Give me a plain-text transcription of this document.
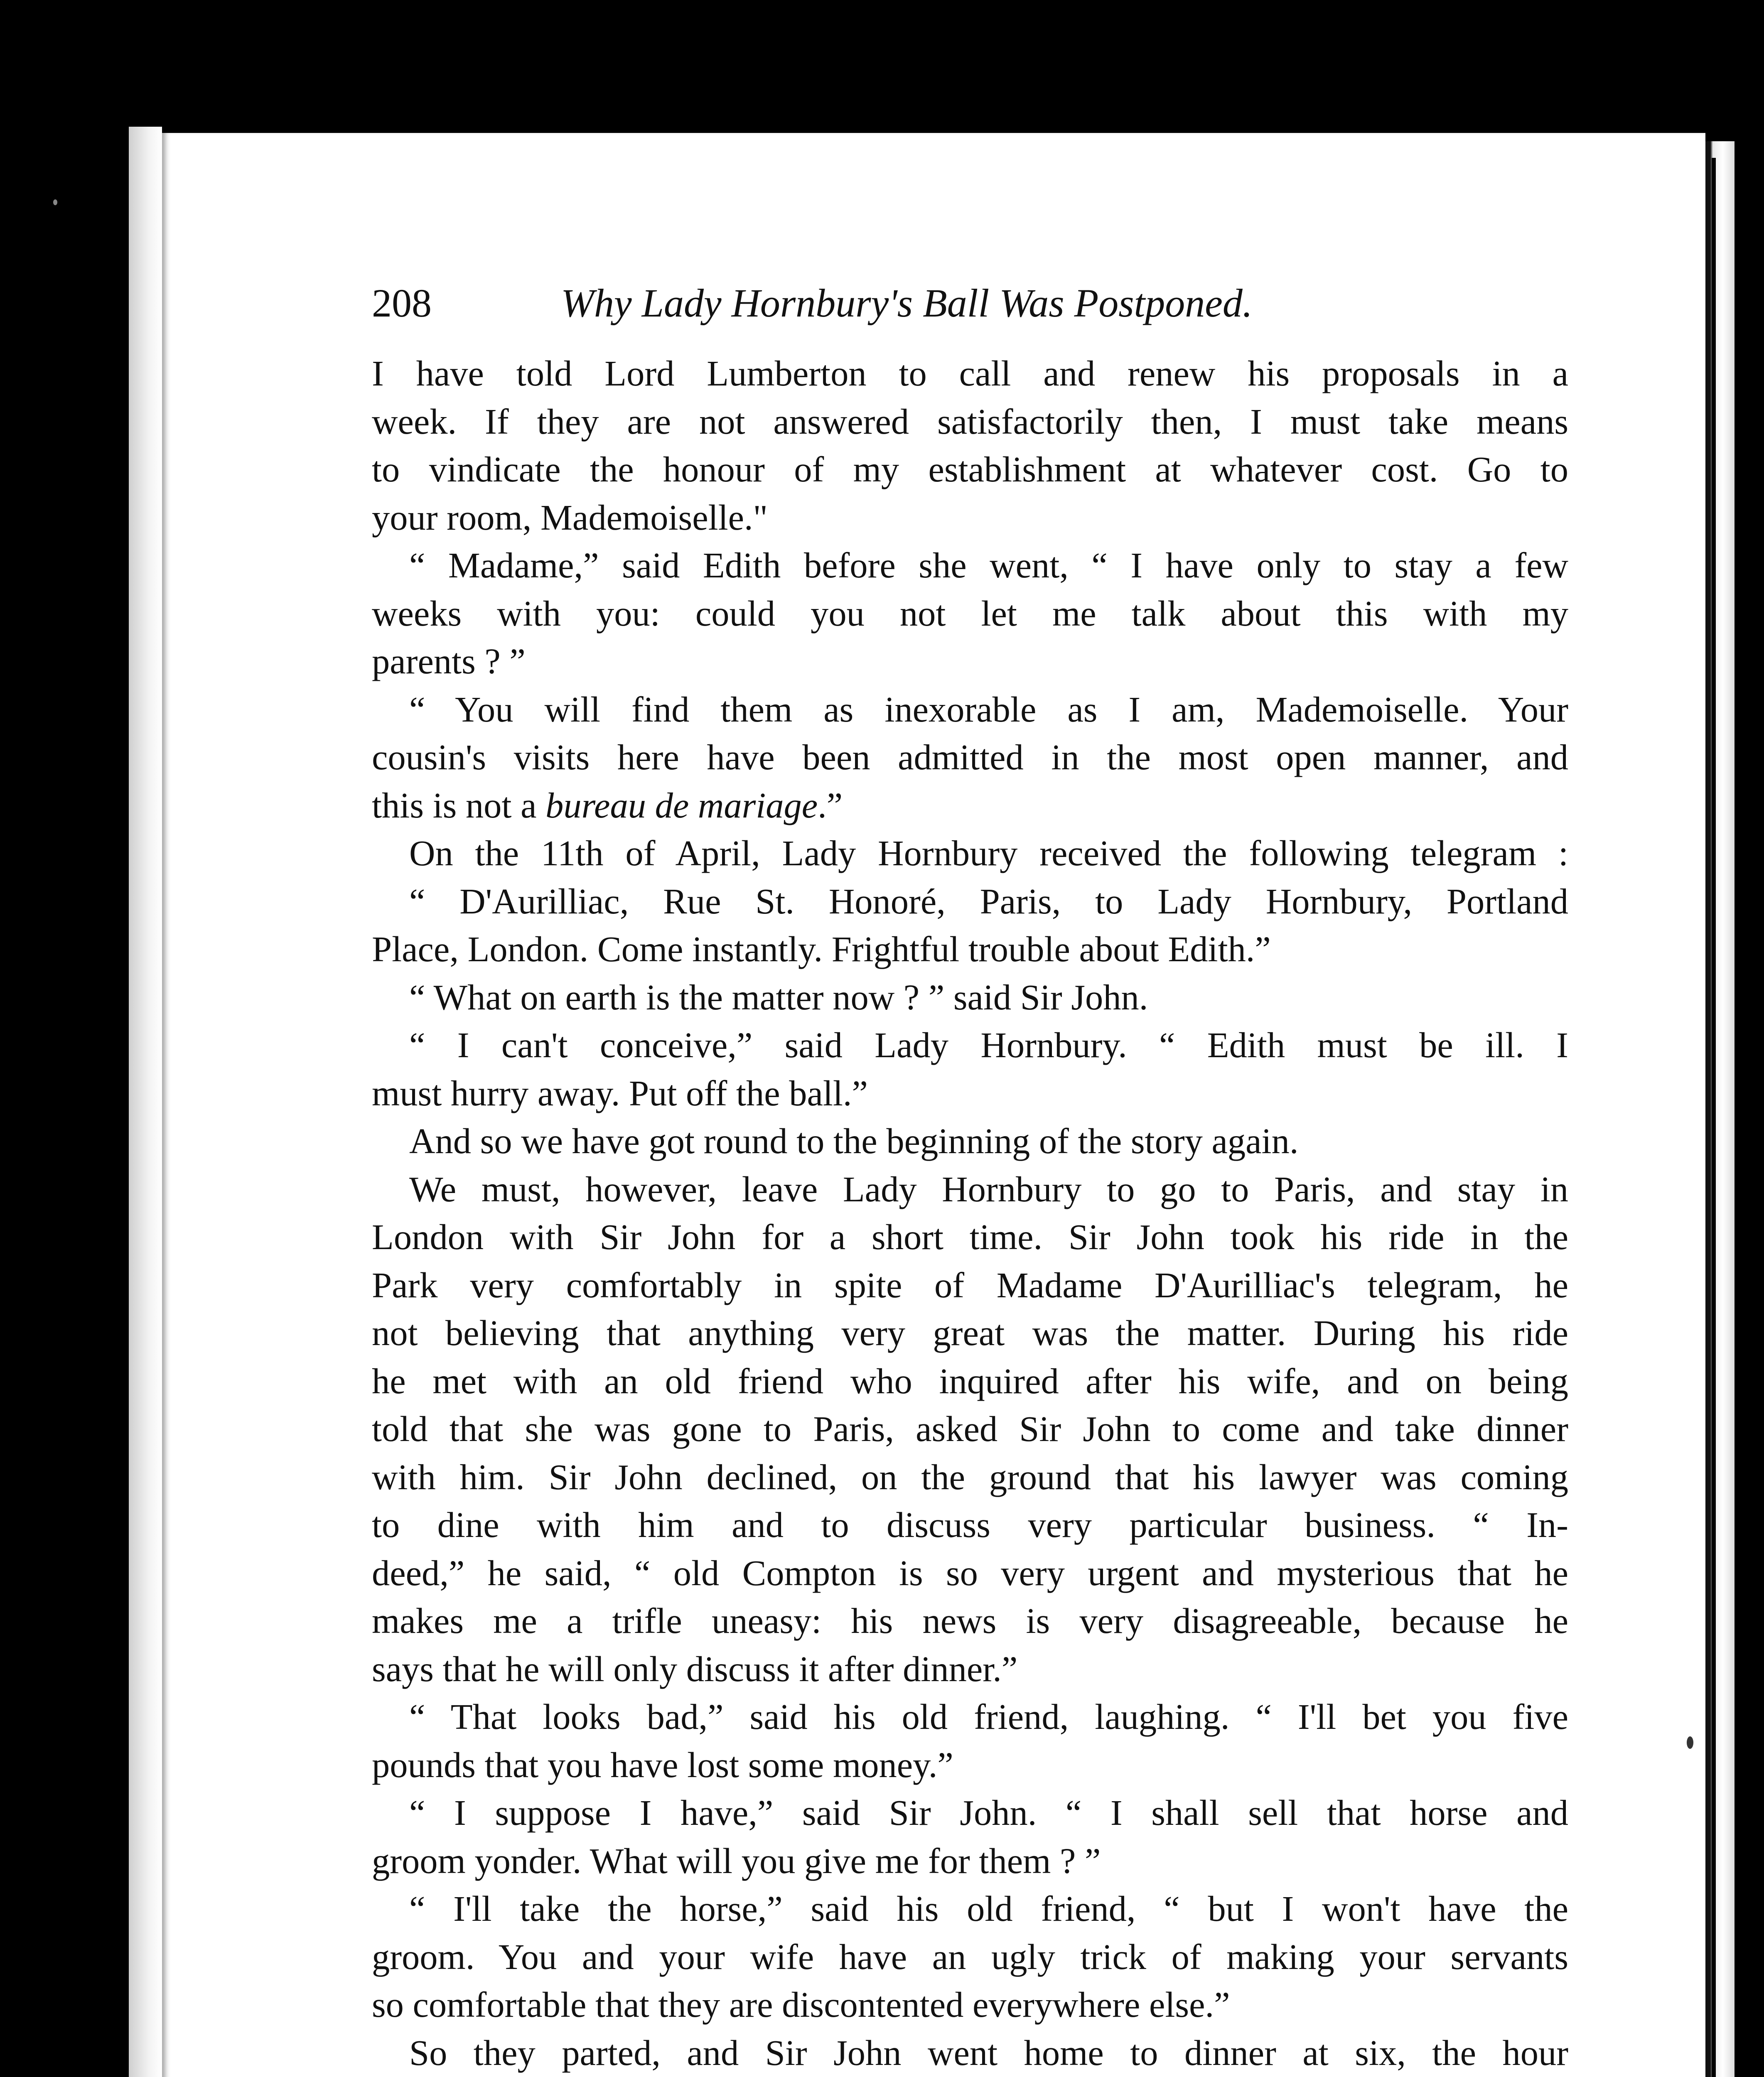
208	Why Lady Hornbury's Ball Was Postponed.
I have told Lord Lumberton to call and renew his proposals in a
week. If they are not answered satisfactorily then, I must take means
to vindicate the honour of my establishment at whatever cost. Go to
your room, Mademoiselle."
“ Madame,” said Edith before she went, “ I have only to stay a few
weeks with you: could you not let me talk about this with my
parents ? ”
“ You will find them as inexorable as I am, Mademoiselle. Your
cousin's visits here have been admitted in the most open manner, and
this is not a bureau de mariage.”
On the 11th of April, Lady Hornbury received the following telegram :
“ D'Aurilliac, Rue St. Honoré, Paris, to Lady Hornbury, Portland
Place, London. Come instantly. Frightful trouble about Edith.”
“ What on earth is the matter now ? ” said Sir John.
“ I can't conceive,” said Lady Hornbury. “ Edith must be ill. I
must hurry away. Put off the ball.”
And so we have got round to the beginning of the story again.
We must, however, leave Lady Hornbury to go to Paris, and stay in
London with Sir John for a short time. Sir John took his ride in the
Park very comfortably in spite of Madame D'Aurilliac's telegram, he
not believing that anything very great was the matter. During his ride
he met with an old friend who inquired after his wife, and on being
told that she was gone to Paris, asked Sir John to come and take dinner
with him. Sir John declined, on the ground that his lawyer was coming
to dine with him and to discuss very particular business. “ In-
deed,” he said, “ old Compton is so very urgent and mysterious that he
makes me a trifle uneasy: his news is very disagreeable, because he
says that he will only discuss it after dinner.”
“ That looks bad,” said his old friend, laughing. “ I'll bet you five
pounds that you have lost some money.”
“ I suppose I have,” said Sir John. “ I shall sell that horse and
groom yonder. What will you give me for them ? ”
“ I'll take the horse,” said his old friend, “ but I won't have the
groom. You and your wife have an ugly trick of making your servants
so comfortable that they are discontented everywhere else.”
So they parted, and Sir John went home to dinner at six, the hour
